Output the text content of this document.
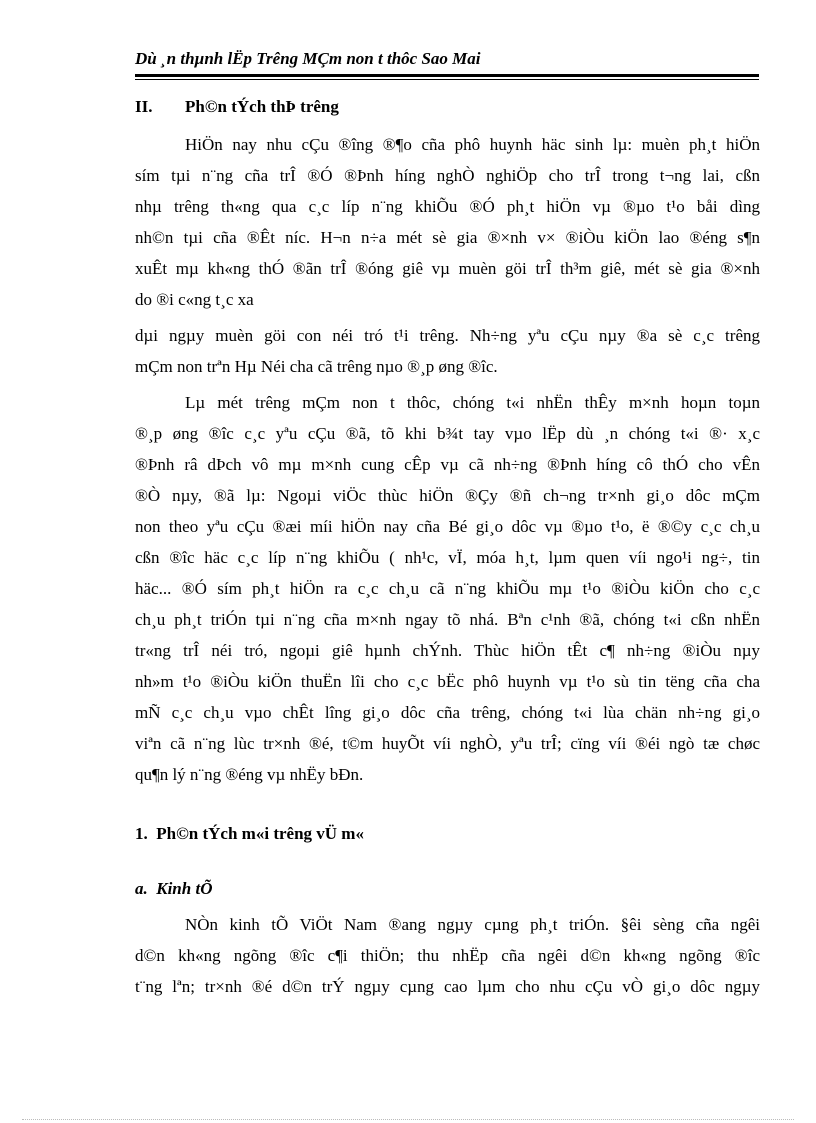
Dù ¸n thµnh lËp Trêng MÇm non t thôc Sao Mai
II. Ph©n tÝch thÞ trêng
HiÖn nay nhu cÇu ®îng ®¶o cña phô huynh häc sinh lµ: muèn ph¸t hiÖn
sím tµi n¨ng cña trÎ ®Ó ®Þnh híng nghÒ nghiÖp cho trÎ trong t¬ng lai, cßn
nhµ trêng th«ng qua c¸c líp n¨ng khiÕu ®Ó ph¸t hiÖn vµ ®µo t¹o båi dìng
nh©n tµi cña ®Êt níc. H¬n n÷a mét sè gia ®×nh v× ®iÒu kiÖn lao ®éng s¶n
xuÊt mµ kh«ng thÓ ®ãn trÎ ®óng giê vµ muèn göi trÎ th³m giê, mét sè gia ®×nh
do ®i c«ng t¸c xa
dµi ngµy muèn göi con néi tró t¹i trêng. Nh÷ng yªu cÇu nµy ®a sè c¸c trêng
mÇm non trªn Hµ Néi cha cã trêng nµo ®¸p øng ®îc.
Lµ mét trêng mÇm non t thôc, chóng t«i nhËn thÊy m×nh hoµn toµn
®¸p øng ®îc c¸c yªu cÇu ®ã, tõ khi b¾t tay vµo lËp dù ¸n chóng t«i ®· x¸c
®Þnh râ dÞch vô mµ m×nh cung cÊp vµ cã nh÷ng ®Þnh híng cô thÓ cho vÊn
®Ò nµy, ®ã lµ: Ngoµi viÖc thùc hiÖn ®Çy ®ñ ch¬ng tr×nh gi¸o dôc mÇm
non theo yªu cÇu ®æi míi hiÖn nay cña Bé gi¸o dôc vµ ®µo t¹o, ë ®©y c¸c ch¸u
cßn ®îc häc c¸c líp n¨ng khiÕu ( nh¹c, vÏ, móa h¸t, lµm quen víi ngo¹i ng÷, tin
häc... ®Ó sím ph¸t hiÖn ra c¸c ch¸u cã n¨ng khiÕu mµ t¹o ®iÒu kiÖn cho c¸c
ch¸u ph¸t triÓn tµi n¨ng cña m×nh ngay tõ nhá. Bªn c¹nh ®ã, chóng t«i cßn nhËn
tr«ng trÎ néi tró, ngoµi giê hµnh chÝnh. Thùc hiÖn tÊt c¶ nh÷ng ®iÒu nµy
nh»m t¹o ®iÒu kiÖn thuËn lîi cho c¸c bËc phô huynh vµ t¹o sù tin tëng cña cha
mÑ c¸c ch¸u vµo chÊt lîng gi¸o dôc cña trêng, chóng t«i lùa chän nh÷ng gi¸o
viªn cã n¨ng lùc tr×nh ®é, t©m huyÕt víi nghÒ, yªu trÎ; cïng víi ®éi ngò tæ chøc
qu¶n lý n¨ng ®éng vµ nhËy bÐn.
1. Ph©n tÝch m«i trêng vÜ m«
a. Kinh tÕ
NÒn kinh tÕ ViÖt Nam ®ang ngµy cµng ph¸t triÓn. §êi sèng cña ngêi
d©n kh«ng ngõng ®îc c¶i thiÖn; thu nhËp cña ngêi d©n kh«ng ngõng ®îc
t¨ng lªn; tr×nh ®é d©n trÝ ngµy cµng cao lµm cho nhu cÇu vÒ gi¸o dôc ngµy
